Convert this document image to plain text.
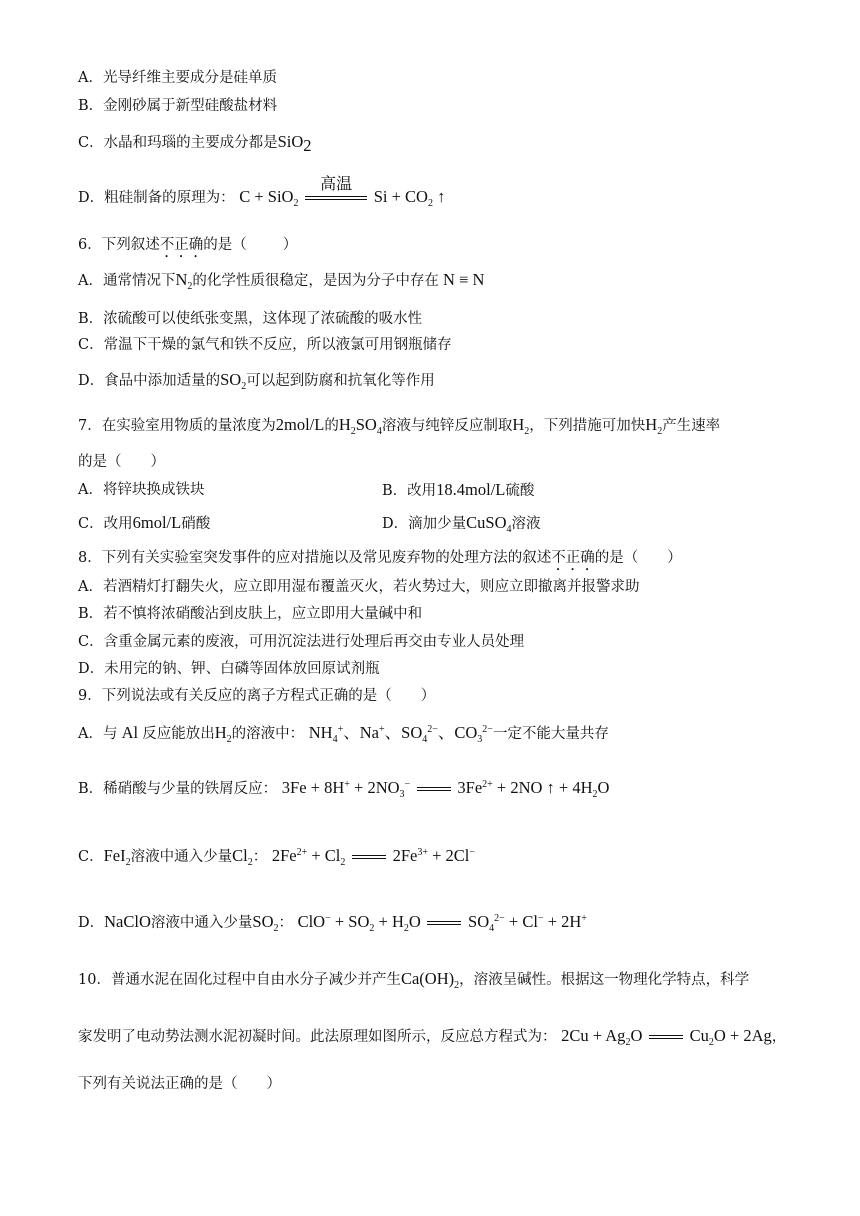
A．光导纤维主要成分是硅单质
B．金刚砂属于新型硅酸盐材料
C．水晶和玛瑙的主要成分都是SiO$_2$
D．粗硅制备的原理为： C + SiO$_2$
高温
$Si + CO_2$ ↑
6．下列叙述不正确的是（ ）
A．通常情况下$N_2$的化学性质很稳定，是因为分子中存在 N ≡ N
B．浓硫酸可以使纸张变黑，这体现了浓硫酸的吸水性
C．常温下干燥的氯气和铁不反应，所以液氯可用钢瓶储存
D．食品中添加适量的$SO_2$可以起到防腐和抗氧化等作用
7．在实验室用物质的量浓度为2mol/L的$H_2SO_4$溶液与纯锌反应制取$H_2$，下列措施可加快$H_2$产生速率
的是（　　）
A．将锌块换成铁块	B．改用18.4mol/L硫酸
C．改用6mol/L硝酸	D．滴加少量CuSO$_4$溶液
8．下列有关实验室突发事件的应对措施以及常见废弃物的处理方法的叙述不正确的是（　　）
A．若酒精灯打翻失火，应立即用湿布覆盖灭火，若火势过大，则应立即撤离并报警求助
B．若不慎将浓硝酸沾到皮肤上，应立即用大量碱中和
C．含重金属元素的废液，可用沉淀法进行处理后再交由专业人员处理
D．未用完的钠、钾、白磷等固体放回原试剂瓶
9．下列说法或有关反应的离子方程式正确的是（　　）
A．与 Al 反应能放出$H_2$的溶液中： $NH_4^+$、Na+、$SO_4^{2-}$、$CO_3^{2-}$一定不能大量共存
B．稀硝酸与少量的铁屑反应： $3Fe + 8H^+ + 2NO_3^-$	$3Fe^{2+} + 2NO$ ↑ + $4H_2O$
C．FeI$_2$溶液中通入少量$Cl_2$： $2Fe^{2+} + Cl_2$	$2Fe^{3+} + 2Cl^-$
D．NaClO溶液中通入少量$SO_2$： $ClO^- + SO_2 + H_2O$	$SO_4^{2-} + Cl^- + 2H^+$
10．普通水泥在固化过程中自由水分子减少并产生$Ca(OH)_2$，溶液呈碱性。根据这一物理化学特点，科学
家发明了电动势法测水泥初凝时间。此法原理如图所示，反应总方程式为： $2Cu + Ag_2O$	$Cu_2O + 2Ag$，
下列有关说法正确的是（　　）
